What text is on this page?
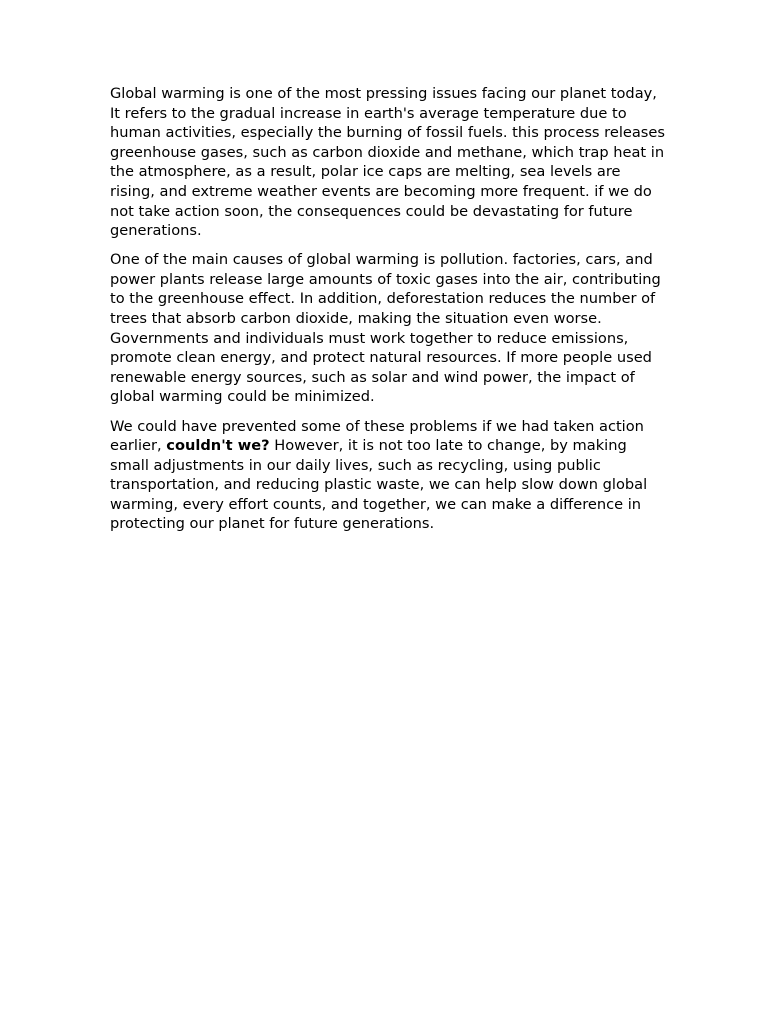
Global warming is one of the most pressing issues facing our planet today, It refers to the gradual increase in earth's average temperature due to human activities, especially the burning of fossil fuels. this process releases greenhouse gases, such as carbon dioxide and methane, which trap heat in the atmosphere, as a result, polar ice caps are melting, sea levels are rising, and extreme weather events are becoming more frequent. if we do not take action soon, the consequences could be devastating for future generations.

One of the main causes of global warming is pollution. factories, cars, and power plants release large amounts of toxic gases into the air, contributing to the greenhouse effect. In addition, deforestation reduces the number of trees that absorb carbon dioxide, making the situation even worse. Governments and individuals must work together to reduce emissions, promote clean energy, and protect natural resources. If more people used renewable energy sources, such as solar and wind power, the impact of global warming could be minimized.

We could have prevented some of these problems if we had taken action earlier, couldn't we? However, it is not too late to change, by making small adjustments in our daily lives, such as recycling, using public transportation, and reducing plastic waste, we can help slow down global warming, every effort counts, and together, we can make a difference in protecting our planet for future generations.
